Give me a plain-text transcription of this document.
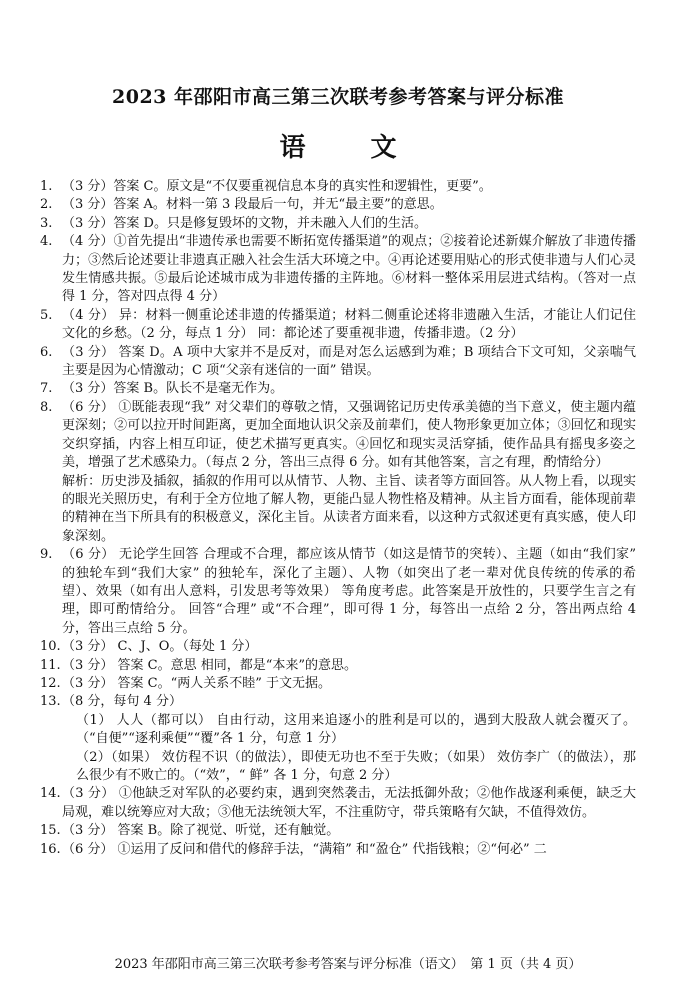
2023 年邵阳市高三第三次联考参考答案与评分标准
语 文
1. （3 分）答案 C。原文是“不仅要重视信息本身的真实性和逻辑性，更要”。
2. （3 分）答案 A。材料一第 3 段最后一句，并无“最主要”的意思。
3. （3 分）答案 D。只是修复毁坏的文物，并未融入人们的生活。
4. （4 分）①首先提出“非遗传承也需要不断拓宽传播渠道”的观点；②接着论述新媒介解放了非遗传播力；③然后论述要让非遗真正融入社会生活大环境之中。④再论述要用贴心的形式使非遗与人们心灵发生情感共振。⑤最后论述城市成为非遗传播的主阵地。⑥材料一整体采用层进式结构。（答对一点得 1 分，答对四点得 4 分）
5. （4 分） 异：材料一侧重论述非遗的传播渠道；材料二侧重论述将非遗融入生活，才能让人们记住文化的乡愁。（2 分，每点 1 分） 同：都论述了要重视非遗，传播非遗。（2 分）
6. （3 分） 答案 D。A 项中大家并不是反对，而是对怎么运感到为难；B 项结合下文可知，父亲喘气主要是因为心情激动；C 项“父亲有迷信的一面” 错误。
7. （3 分）答案 B。队长不是毫无作为。
8. （6 分） ①既能表现“我” 对父辈们的尊敬之情，又强调铭记历史传承美德的当下意义，使主题内蕴更深刻；②可以拉开时间距离，更加全面地认识父亲及前辈们，使人物形象更加立体；③回忆和现实交织穿插，内容上相互印证，使艺术描写更真实。④回忆和现实灵活穿插，使作品具有摇曳多姿之美，增强了艺术感染力。（每点 2 分，答出三点得 6 分。如有其他答案，言之有理，酌情给分）
解析：历史涉及插叙，插叙的作用可以从情节、人物、主旨、读者等方面回答。从人物上看，以现实的眼光关照历史，有利于全方位地了解人物，更能凸显人物性格及精神。从主旨方面看，能体现前辈的精神在当下所具有的积极意义，深化主旨。从读者方面来看，以这种方式叙述更有真实感，使人印象深刻。
9. （6 分） 无论学生回答 合理或不合理，都应该从情节（如这是情节的突转）、主题（如由“我们家” 的独轮车到“我们大家” 的独轮车，深化了主题）、人物（如突出了老一辈对优良传统的传承的希望）、效果（如有出人意料，引发思考等效果） 等角度考虑。此答案是开放性的，只要学生言之有理，即可酌情给分。 回答“合理” 或“不合理”，即可得 1 分，每答出一点给 2 分，答出两点给 4 分，答出三点给 5 分。
10. （3 分） C、J、O。（每处 1 分）
11. （3 分） 答案 C。意思 相同，都是“本来”的意思。
12. （3 分） 答案 C。“两人关系不睦” 于文无据。
13. （8 分，每句 4 分）
（1） 人人（都可以） 自由行动，这用来追逐小的胜利是可以的，遇到大股敌人就会覆灭了。（“自便”“逐利乘便”“覆”各 1 分，句意 1 分）
（2）（如果） 效仿程不识（的做法），即使无功也不至于失败；（如果） 效仿李广（的做法），那么很少有不败亡的。（“效”，“ 鲜” 各 1 分，句意 2 分）
14. （3 分） ①他缺乏对军队的必要约束，遇到突然袭击，无法抵御外敌；②他作战逐利乘便，缺乏大局观，难以统筹应对大敌；③他无法统领大军，不注重防守，带兵策略有欠缺，不值得效仿。
15. （3 分） 答案 B。除了视觉、听觉，还有触觉。
16. （6 分） ①运用了反问和借代的修辞手法，“满箱” 和“盈仓” 代指钱粮；②“何必” 二
2023 年邵阳市高三第三次联考参考答案与评分标准（语文）　第 1 页（共 4 页）
